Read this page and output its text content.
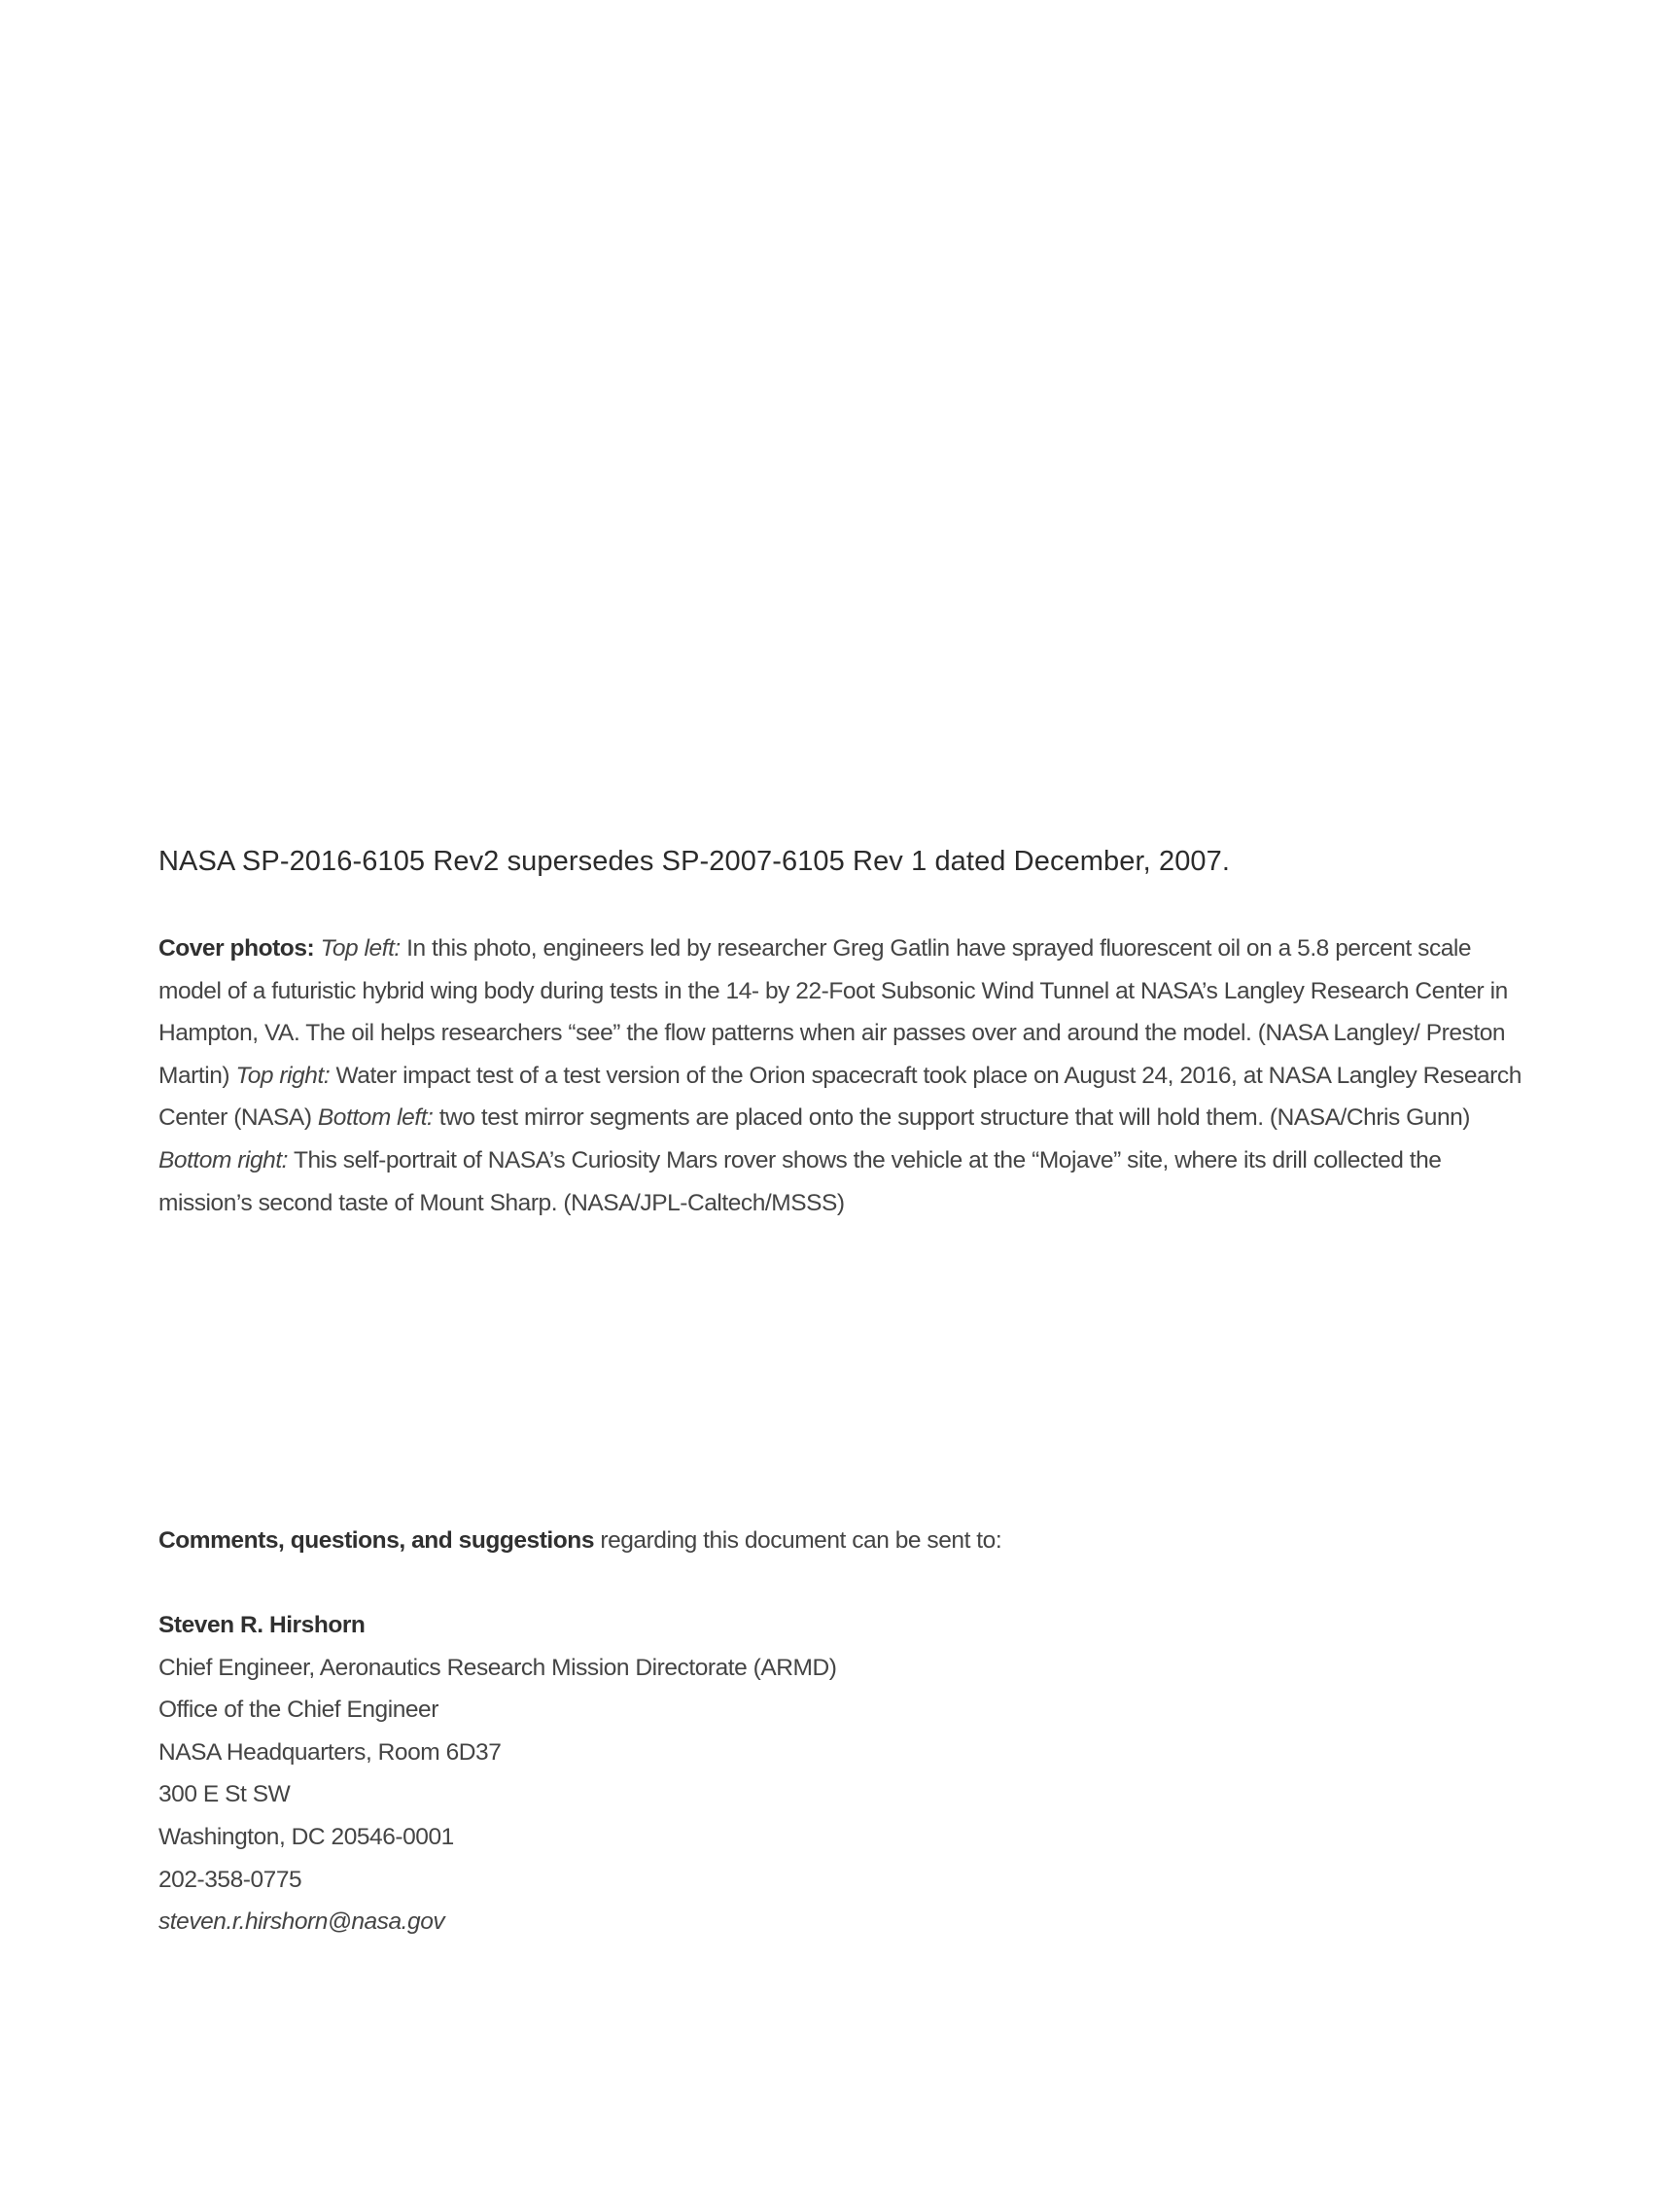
NASA SP-2016-6105 Rev2 supersedes SP-2007-6105 Rev 1 dated December, 2007.

Cover photos: Top left: In this photo, engineers led by researcher Greg Gatlin have sprayed fluorescent oil on a 5.8 percent scale model of a futuristic hybrid wing body during tests in the 14- by 22-Foot Subsonic Wind Tunnel at NASA’s Langley Research Center in Hampton, VA. The oil helps researchers “see” the flow patterns when air passes over and around the model. (NASA Langley/ Preston Martin) Top right: Water impact test of a test version of the Orion spacecraft took place on August 24, 2016, at NASA Langley Research Center (NASA) Bottom left: two test mirror segments are placed onto the support structure that will hold them. (NASA/Chris Gunn) Bottom right: This self-portrait of NASA’s Curiosity Mars rover shows the vehicle at the “Mojave” site, where its drill collected the mission’s second taste of Mount Sharp. (NASA/JPL-Caltech/MSSS)

Comments, questions, and suggestions regarding this document can be sent to:

Steven R. Hirshorn
Chief Engineer, Aeronautics Research Mission Directorate (ARMD)
Office of the Chief Engineer
NASA Headquarters, Room 6D37
300 E St SW
Washington, DC 20546-0001
202-358-0775
steven.r.hirshorn@nasa.gov
